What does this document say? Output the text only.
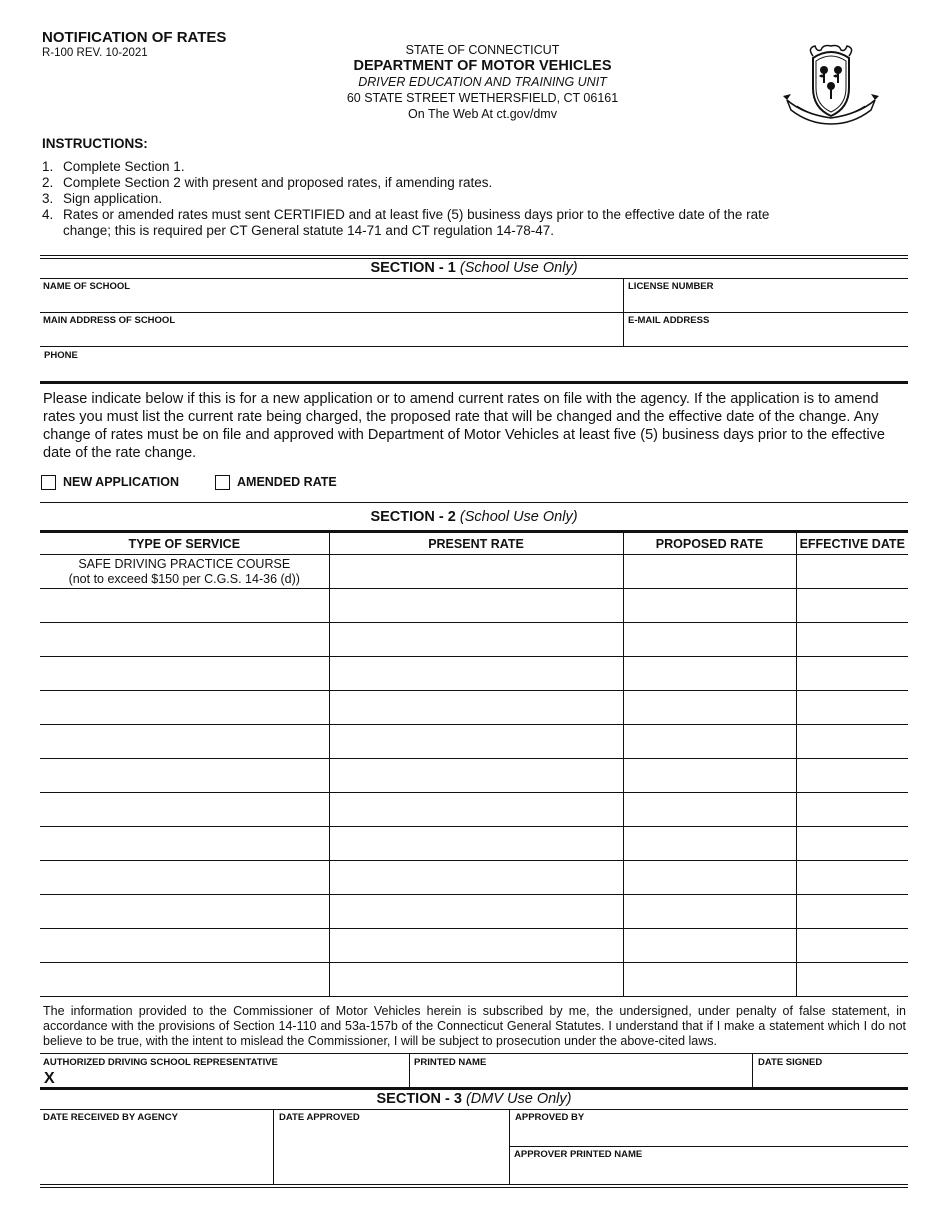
NOTIFICATION OF RATES
R-100 REV. 10-2021	STATE OF CONNECTICUT
DEPARTMENT OF MOTOR VEHICLES
DRIVER EDUCATION AND TRAINING UNIT
60 STATE STREET WETHERSFIELD, CT 06161
On The Web At ct.gov/dmv
INSTRUCTIONS:
1. Complete Section 1.
2. Complete Section 2 with present and proposed rates, if amending rates.
3. Sign application.
4. Rates or amended rates must sent CERTIFIED and at least five (5) business days prior to the effective date of the rate change; this is required per CT General statute 14-71 and CT regulation 14-78-47.
SECTION - 1 (School Use Only)
NAME OF SCHOOL	LICENSE NUMBER
MAIN ADDRESS OF SCHOOL	E-MAIL ADDRESS
PHONE
Please indicate below if this is for a new application or to amend current rates on file with the agency. If the application is to amend rates you must list the current rate being charged, the proposed rate that will be changed and the effective date of the change. Any change of rates must be on file and approved with Department of Motor Vehicles at least five (5) business days prior to the effective date of the rate change.
NEW APPLICATION	AMENDED RATE
SECTION - 2 (School Use Only)
TYPE OF SERVICE	PRESENT RATE	PROPOSED RATE	EFFECTIVE DATE

SAFE DRIVING PRACTICE COURSE
(not to exceed $150 per C.G.S. 14-36 (d))			

The information provided to the Commissioner of Motor Vehicles herein is subscribed by me, the undersigned, under penalty of false statement, in accordance with the provisions of Section 14-110 and 53a-157b of the Connecticut General Statutes. I understand that if I make a statement which I do not believe to be true, with the intent to mislead the Commissioner, I will be subject to prosecution under the above-cited laws.
AUTHORIZED DRIVING SCHOOL REPRESENTATIVE
X
PRINTED NAME	DATE SIGNED
SECTION - 3 (DMV Use Only)
DATE RECEIVED BY AGENCY	DATE APPROVED	APPROVED BY
APPROVER PRINTED NAME
